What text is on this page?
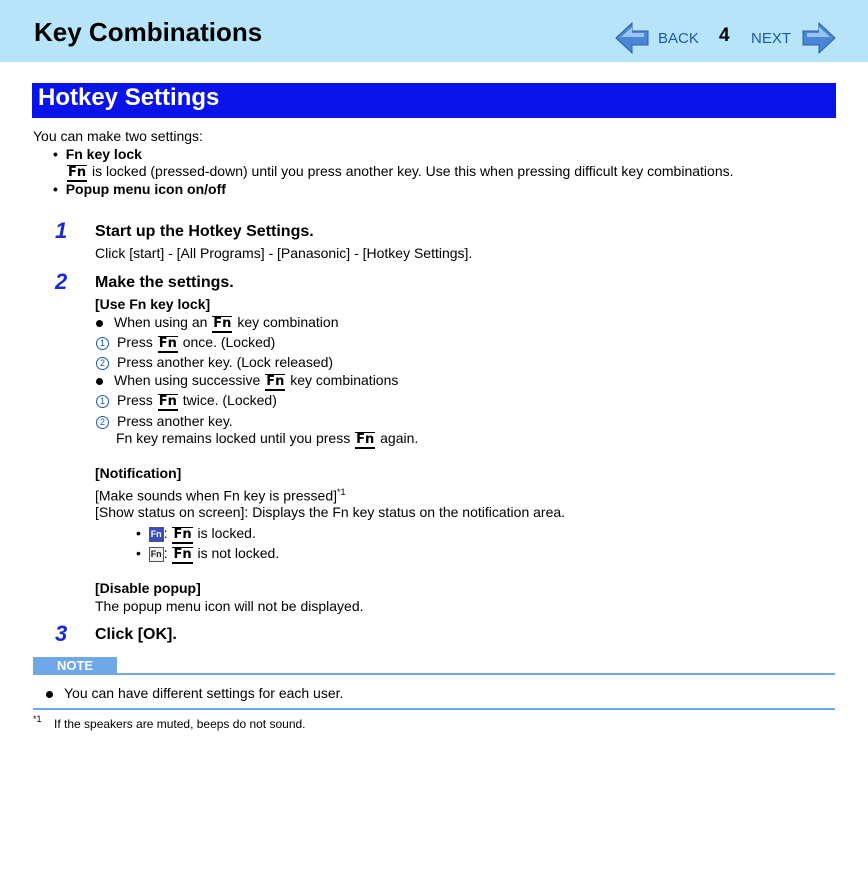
Key Combinations	BACK 4 NEXT
Hotkey Settings
You can make two settings:
•  Fn key lock
Fn is locked (pressed-down) until you press another key. Use this when pressing difficult key combinations.
•  Popup menu icon on/off
1 Start up the Hotkey Settings.
Click [start] - [All Programs] - [Panasonic] - [Hotkey Settings].
2 Make the settings.
[Use Fn key lock]
When using an Fn key combination
1 Press Fn once. (Locked)
2 Press another key. (Lock released)
When using successive Fn key combinations
1 Press Fn twice. (Locked)
2 Press another key.
Fn key remains locked until you press Fn again.
[Notification]
[Make sounds when Fn key is pressed]$^{*1}$
[Show status on screen]: Displays the Fn key status on the notification area.
•  Fn : Fn is locked.
•  Fn : Fn is not locked.
[Disable popup]
The popup menu icon will not be displayed.
3 Click [OK].
NOTE
You can have different settings for each user.
*1 If the speakers are muted, beeps do not sound.
